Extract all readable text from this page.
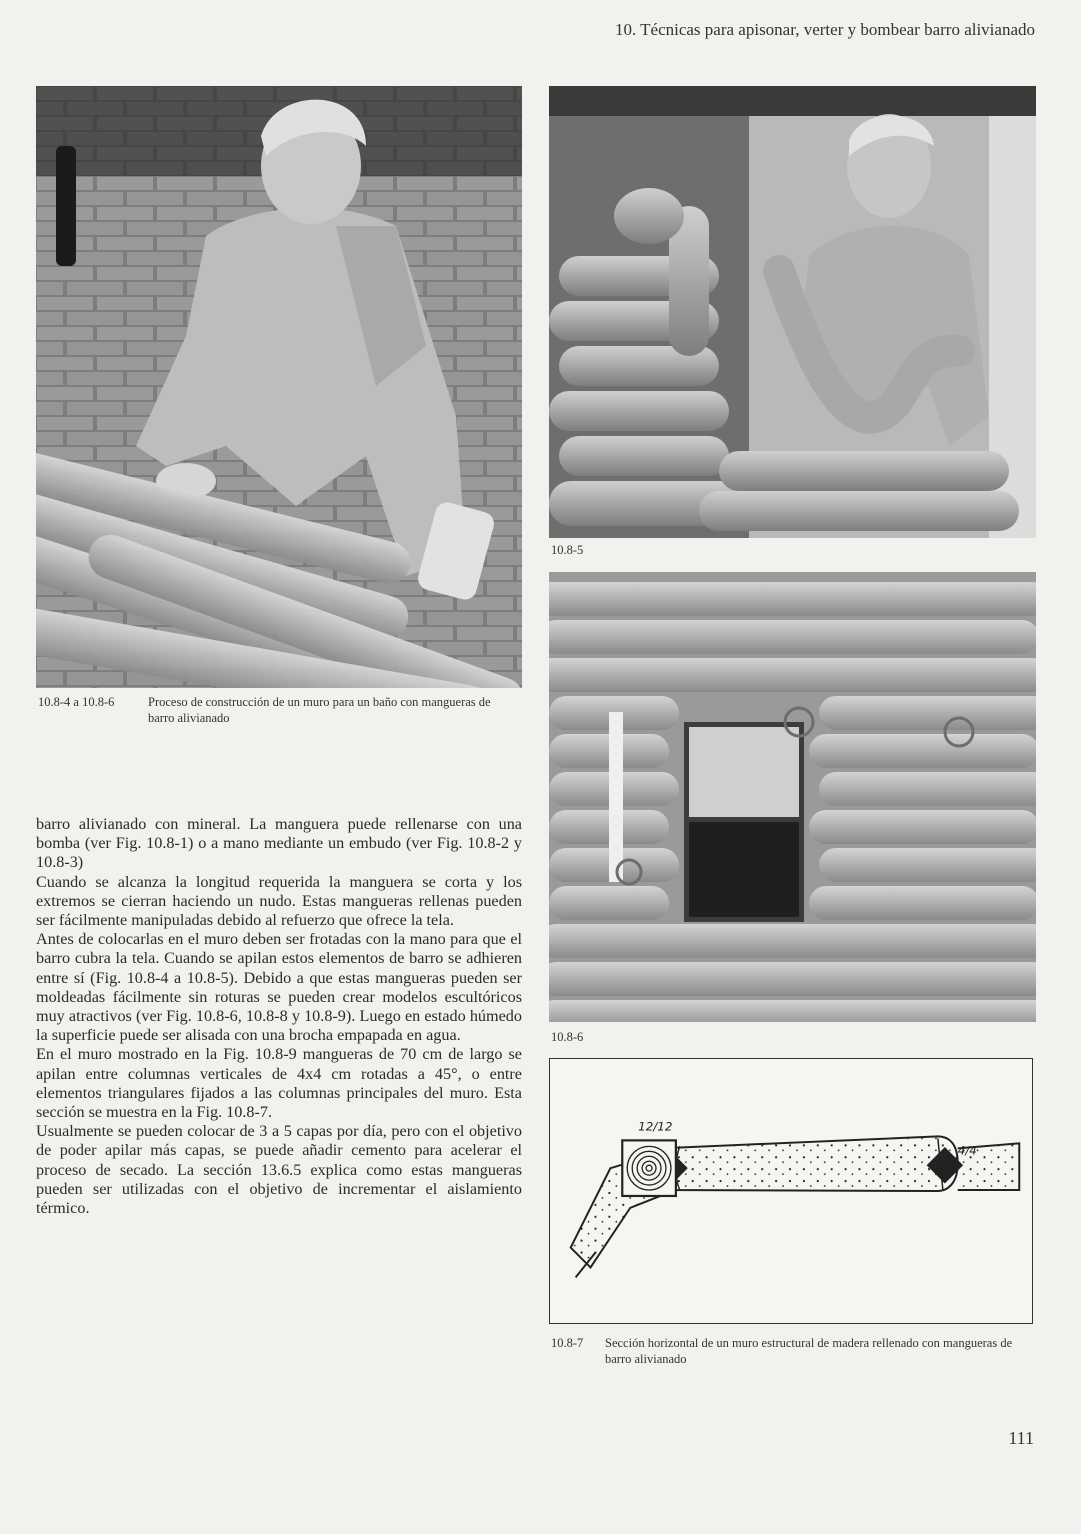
10. Técnicas para apisonar, verter y bombear barro alivianado
10.8-5
10.8-6
10.8-4 a 10.8-6	Proceso de construcción de un muro para un baño con mangueras de barro alivianado

barro alivianado con mineral. La manguera puede rellenarse con una bomba (ver Fig. 10.8-1) o a mano mediante un embudo (ver Fig. 10.8-2 y 10.8-3)

Cuando se alcanza la longitud requerida la manguera se corta y los extremos se cierran haciendo un nudo. Estas mangueras rellenas pueden ser fácilmente manipuladas debido al refuerzo que ofrece la tela.

Antes de colocarlas en el muro deben ser frotadas con la mano para que el barro cubra la tela. Cuando se apilan estos elementos de barro se adhieren entre sí (Fig. 10.8-4 a 10.8-5). Debido a que estas mangueras pueden ser moldeadas fácilmente sin roturas se pueden crear modelos escultóricos muy atractivos (ver Fig. 10.8-6, 10.8-8 y 10.8-9). Luego en estado húmedo la superficie puede ser alisada con una brocha empapada en agua.

En el muro mostrado en la Fig. 10.8-9 mangueras de 70 cm de largo se apilan entre columnas verticales de 4x4 cm rotadas a 45°, o entre elementos triangulares fijados a las columnas principales del muro. Esta sección se muestra en la Fig. 10.8-7.

Usualmente se pueden colocar de 3 a 5 capas por día, pero con el objetivo de poder apilar más capas, se puede añadir cemento para acelerar el proceso de secado. La sección 13.6.5 explica como estas mangueras pueden ser utilizadas con el objetivo de incrementar el aislamiento térmico.

12/12
4/4
10.8-7 Sección horizontal de un muro estructural de madera rellenado con mangueras de barro alivianado
111
